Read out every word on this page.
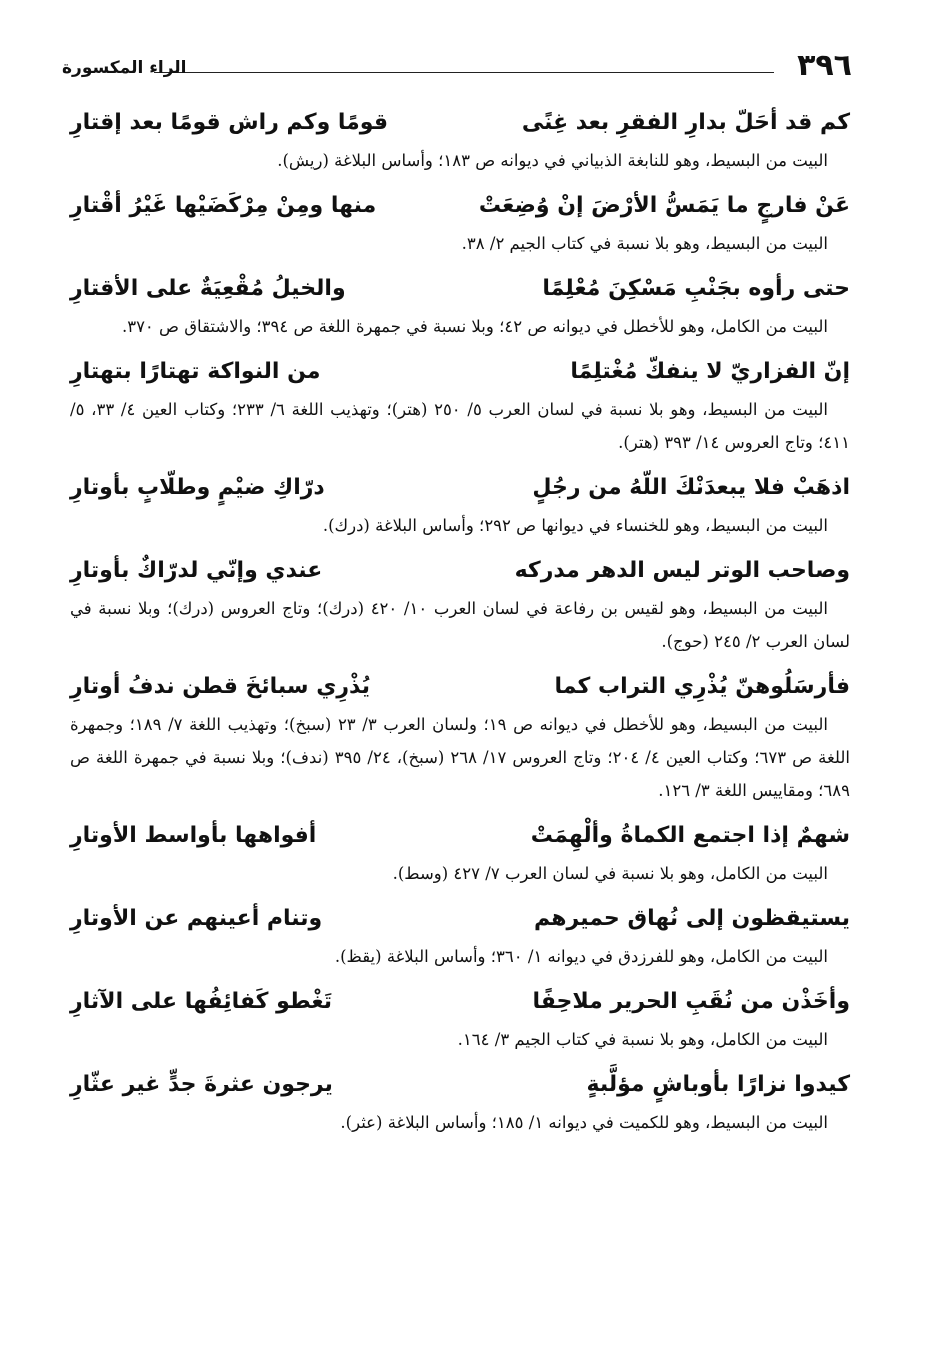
٣٩٦
الراء المكسورة
كم قد أحَلّ بدارِ الفقرِ بعد غِنًى
قومًا وكم راش قومًا بعد إقتارِ

البيت من البسيط، وهو للنابغة الذبياني في ديوانه ص ١٨٣؛ وأساس البلاغة (ريش).

عَنْ فارجٍ ما يَمَسُّ الأرْضَ إنْ وُضِعَتْ
منها ومِنْ مِرْكَضَيْها غَيْرُ أقْتارِ

البيت من البسيط، وهو بلا نسبة في كتاب الجيم ٢/ ٣٨.

حتى رأوه بجَنْبِ مَسْكِنَ مُعْلِمًا
والخيلُ مُقْعِيَةٌ على الأقتارِ

البيت من الكامل، وهو للأخطل في ديوانه ص ٤٢؛ وبلا نسبة في جمهرة اللغة ص ٣٩٤؛ والاشتقاق ص ٣٧٠.

إنّ الفزاريّ لا ينفكّ مُغْتلِمًا
من النواكة تهتارًا بتهتارِ

البيت من البسيط، وهو بلا نسبة في لسان العرب ٥/ ٢٥٠ (هتر)؛ وتهذيب اللغة ٦/ ٢٣٣؛ وكتاب العين ٤/ ٣٣، ٥/ ٤١١؛ وتاج العروس ١٤/ ٣٩٣ (هتر).

اذهَبْ فلا يبعدَنْكَ اللّهُ من رجُلٍ
درّاكِ ضيْمٍ وطلّابٍ بأوتارِ

البيت من البسيط، وهو للخنساء في ديوانها ص ٢٩٢؛ وأساس البلاغة (درك).

وصاحب الوتر ليس الدهر مدركه
عندي وإنّي لدرّاكٌ بأوتارِ

البيت من البسيط، وهو لقيس بن رفاعة في لسان العرب ١٠/ ٤٢٠ (درك)؛ وتاج العروس (درك)؛ وبلا نسبة في لسان العرب ٢/ ٢٤٥ (حوج).

فأرسَلُوهنّ يُذْرِي التراب كما
يُذْرِي سبائخَ قطن ندفُ أوتارِ

البيت من البسيط، وهو للأخطل في ديوانه ص ١٩؛ ولسان العرب ٣/ ٢٣ (سبخ)؛ وتهذيب اللغة ٧/ ١٨٩؛ وجمهرة اللغة ص ٦٧٣؛ وكتاب العين ٤/ ٢٠٤؛ وتاج العروس ١٧/ ٢٦٨ (سبخ)، ٢٤/ ٣٩٥ (ندف)؛ وبلا نسبة في جمهرة اللغة ص ٦٨٩؛ ومقاييس اللغة ٣/ ١٢٦.

شهمٌ إذا اجتمع الكماةُ وألْهِمَتْ
أفواهها بأواسط الأوتارِ

البيت من الكامل، وهو بلا نسبة في لسان العرب ٧/ ٤٢٧ (وسط).

يستيقظون إلى نُهاق حميرهم
وتنام أعينهم عن الأوتارِ

البيت من الكامل، وهو للفرزدق في ديوانه ١/ ٣٦٠؛ وأساس البلاغة (يقظ).

وأخَذْن من نُقَبِ الحرير ملاحِفًا
تَغْطو كَفائِفُها على الآثارِ

البيت من الكامل، وهو بلا نسبة في كتاب الجيم ٣/ ١٦٤.

كيدوا نزارًا بأوباشٍ مؤلَّبةٍ
يرجون عثرةَ جدٍّ غير عثّارِ

البيت من البسيط، وهو للكميت في ديوانه ١/ ١٨٥؛ وأساس البلاغة (عثر).
